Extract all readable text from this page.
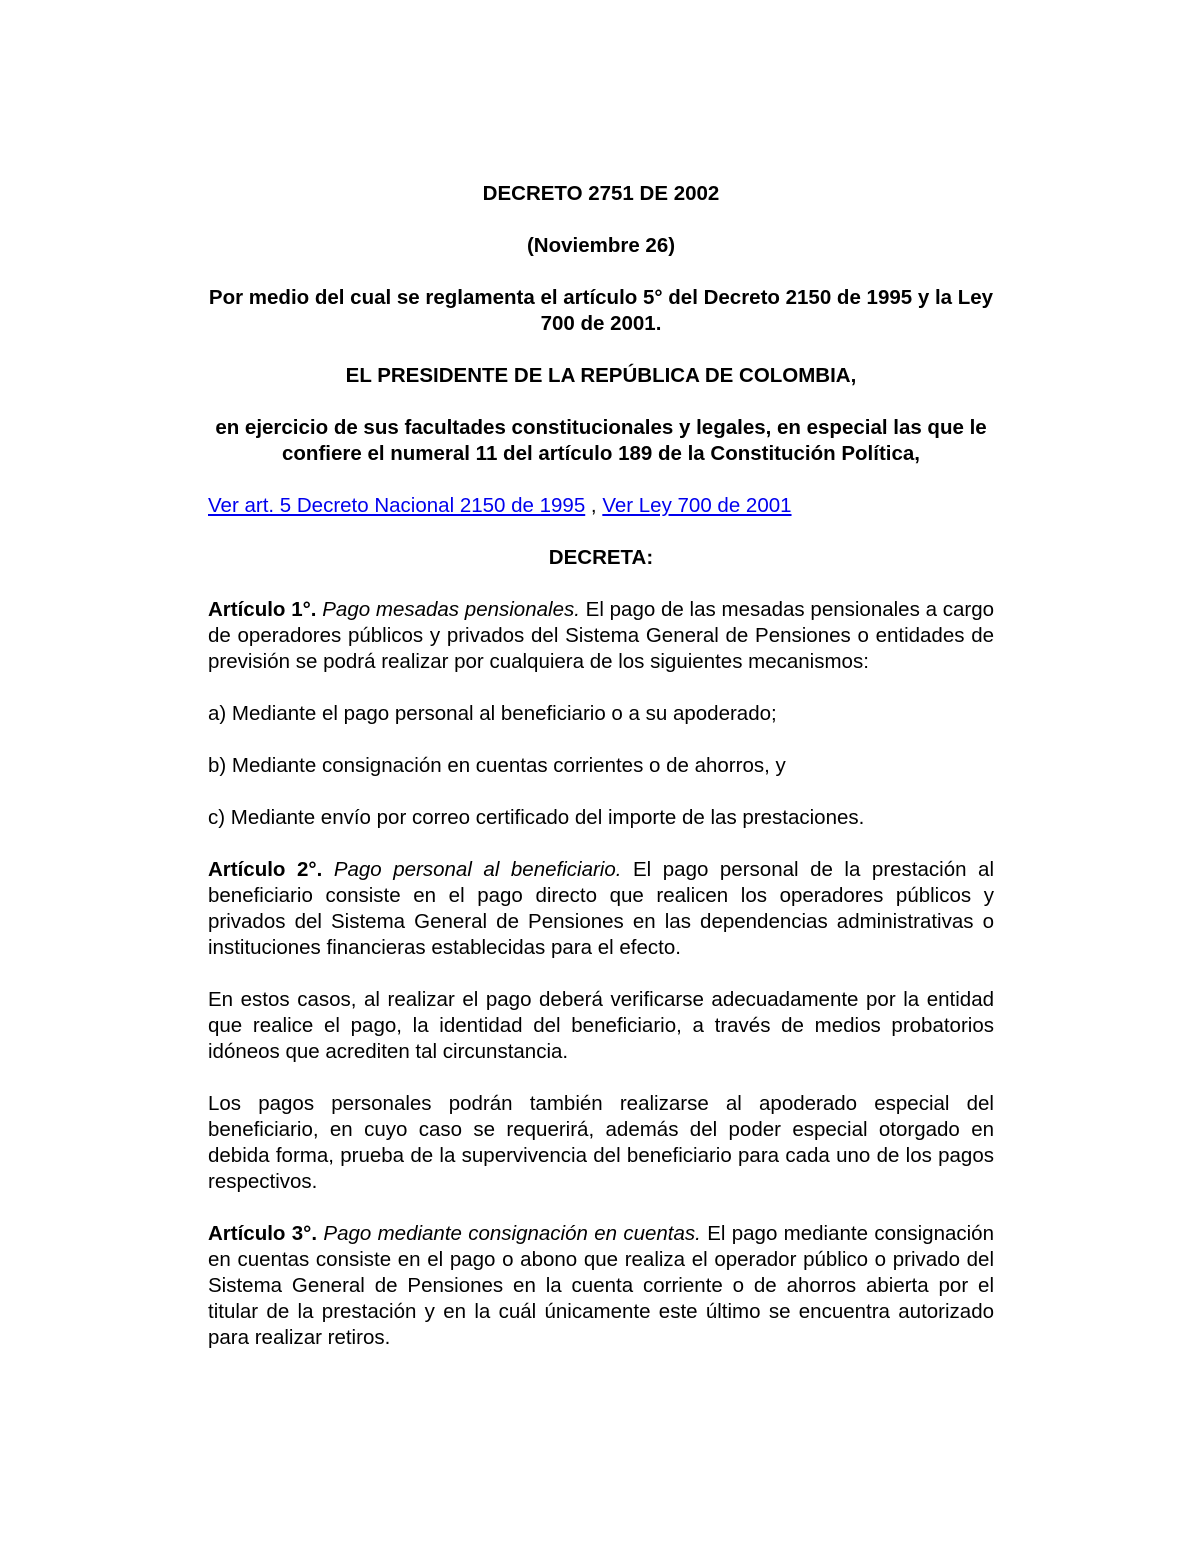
DECRETO 2751 DE 2002

(Noviembre 26)

Por medio del cual se reglamenta el artículo 5° del Decreto 2150 de 1995 y la Ley 700 de 2001.

EL PRESIDENTE DE LA REPÚBLICA DE COLOMBIA,

en ejercicio de sus facultades constitucionales y legales, en especial las que le confiere el numeral 11 del artículo 189 de la Constitución Política,

Ver art. 5 Decreto Nacional 2150 de 1995 , Ver Ley 700 de 2001

DECRETA:

Artículo 1°. Pago mesadas pensionales. El pago de las mesadas pensionales a cargo de operadores públicos y privados del Sistema General de Pensiones o entidades de previsión se podrá realizar por cualquiera de los siguientes mecanismos:

a) Mediante el pago personal al beneficiario o a su apoderado;

b) Mediante consignación en cuentas corrientes o de ahorros, y

c) Mediante envío por correo certificado del importe de las prestaciones.

Artículo 2°. Pago personal al beneficiario. El pago personal de la prestación al beneficiario consiste en el pago directo que realicen los operadores públicos y privados del Sistema General de Pensiones en las dependencias administrativas o instituciones financieras establecidas para el efecto.

En estos casos, al realizar el pago deberá verificarse adecuadamente por la entidad que realice el pago, la identidad del beneficiario, a través de medios probatorios idóneos que acrediten tal circunstancia.

Los pagos personales podrán también realizarse al apoderado especial del beneficiario, en cuyo caso se requerirá, además del poder especial otorgado en debida forma, prueba de la supervivencia del beneficiario para cada uno de los pagos respectivos.

Artículo 3°. Pago mediante consignación en cuentas. El pago mediante consignación en cuentas consiste en el pago o abono que realiza el operador público o privado del Sistema General de Pensiones en la cuenta corriente o de ahorros abierta por el titular de la prestación y en la cuál únicamente este último se encuentra autorizado para realizar retiros.
